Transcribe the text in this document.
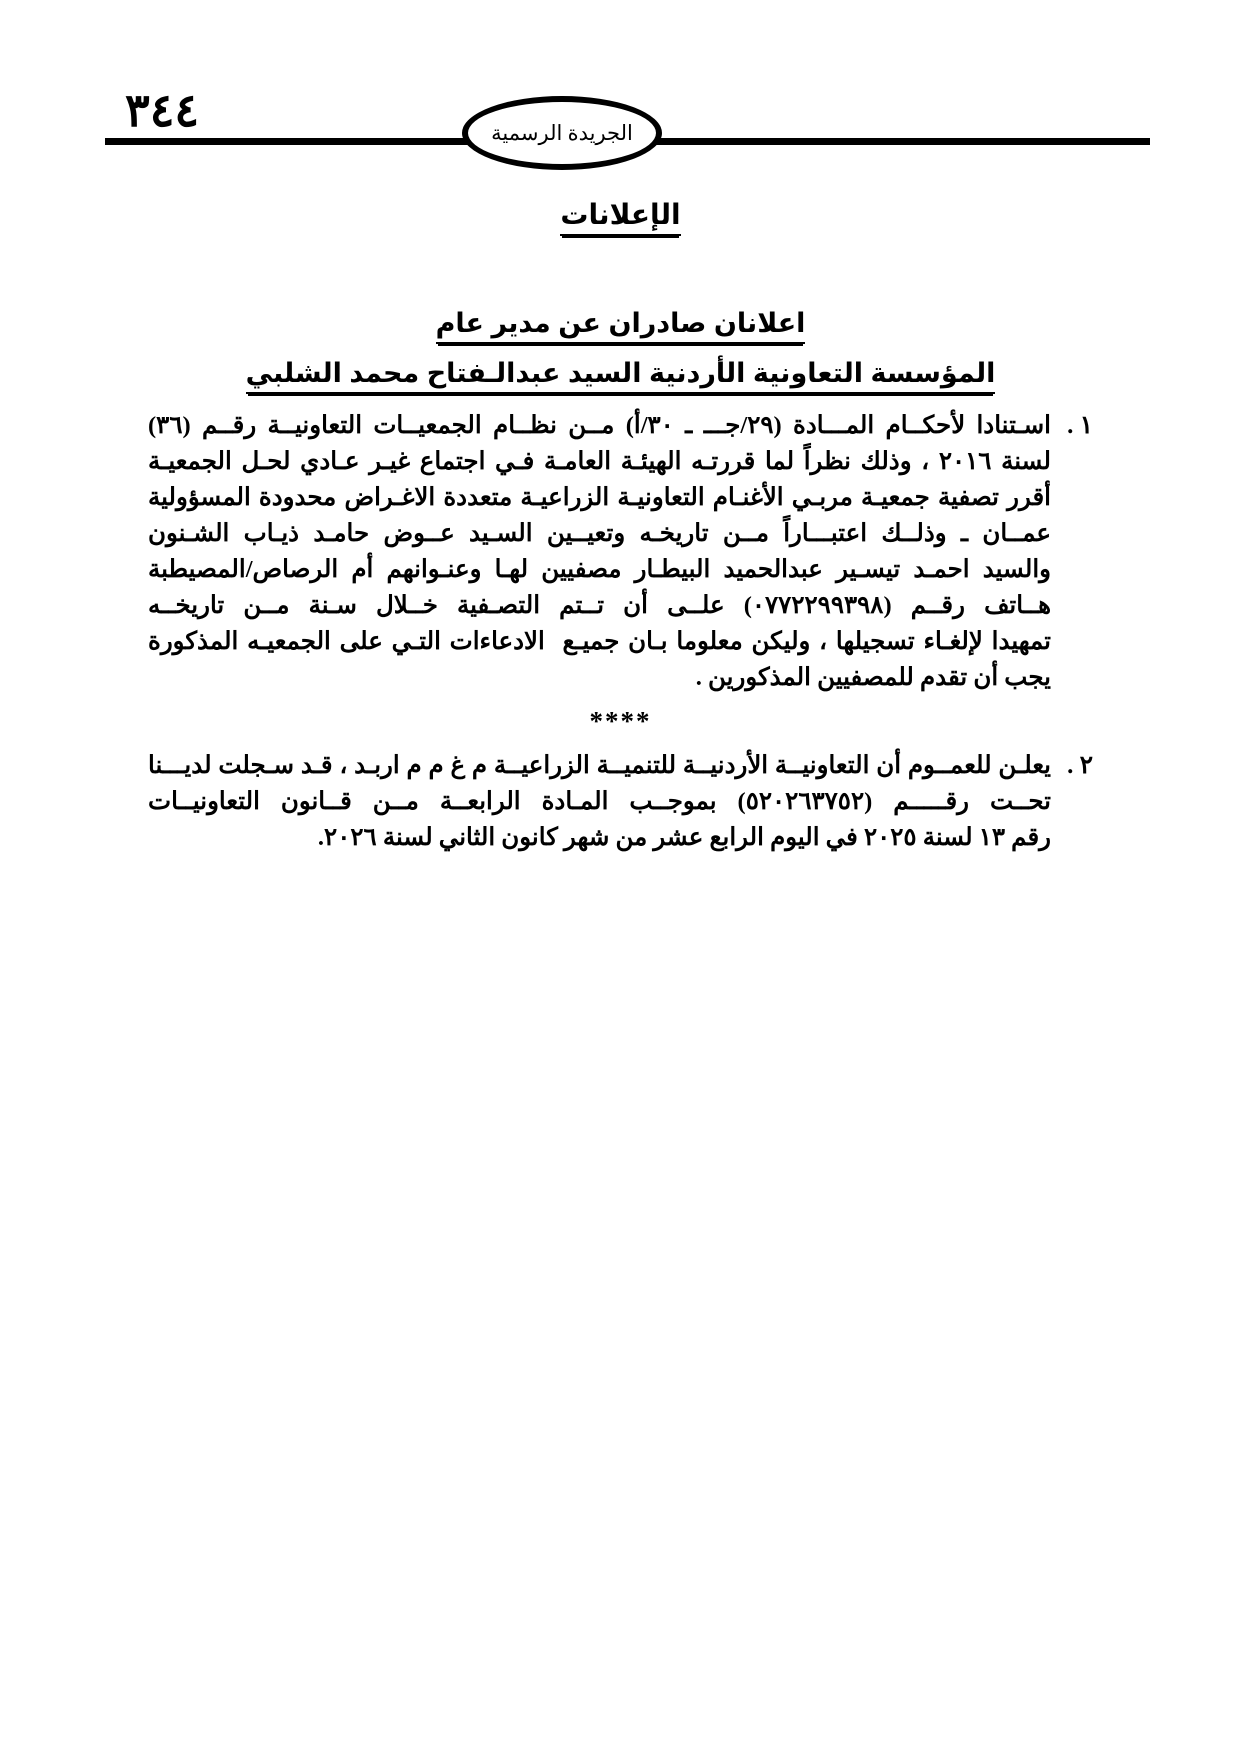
٣٤٤	الجريدة الرسمية
الإعلانات
اعلانان صادران عن مدير عام
المؤسسة التعاونية الأردنية السيد عبدالـفتاح محمد الشلبي
١ .
اسـتنادا لأحكــام المـــادة (٢٩/جـــ ـ ٣٠/أ) مــن نظــام الجمعيــات التعاونيــة رقــم (٣٦)
لسنة ٢٠١٦ ، وذلك نظراً لما قررتـه الهيئـة العامـة فـي اجتماع غيـر عـادي لحـل الجمعيـة
أقرر تصفية جمعيـة مربـي الأغنـام التعاونيـة الزراعيـة متعددة الاغـراض محدودة المسؤولية
عمــان ـ وذلــك اعتبـــاراً مــن تاريخـه وتعيــين السـيد عــوض حامـد ذيـاب الشـنون
والسيد احمـد تيسـير عبدالحميد البيطـار مصفيين لهـا وعنـوانهم أم الرصاص/المصيطبة
هــاتف رقــم (٠٧٧٢٢٩٩٣٩٨) علــى أن تــتم التصـفية خــلال سـنة مــن تاريخــه
تمهيدا لإلغـاء تسجيلها ، وليكن معلوما بـان جميـع  الادعاءات التـي على الجمعيـه المذكورة
يجب أن تقدم للمصفيين المذكورين .
****
٢ .
يعلـن للعمــوم أن التعاونيــة الأردنيــة للتنميــة الزراعيــة م غ م م اربـد ، قـد سـجلت لديـــنا
تحــت رقـــــم (٥٢٠٢٦٣٧٥٢) بموجــب المـادة الرابعــة مــن قــانون التعاونيــات
رقم ١٣ لسنة ٢٠٢٥ في اليوم الرابع عشر من شهر كانون الثاني لسنة ٢٠٢٦.
